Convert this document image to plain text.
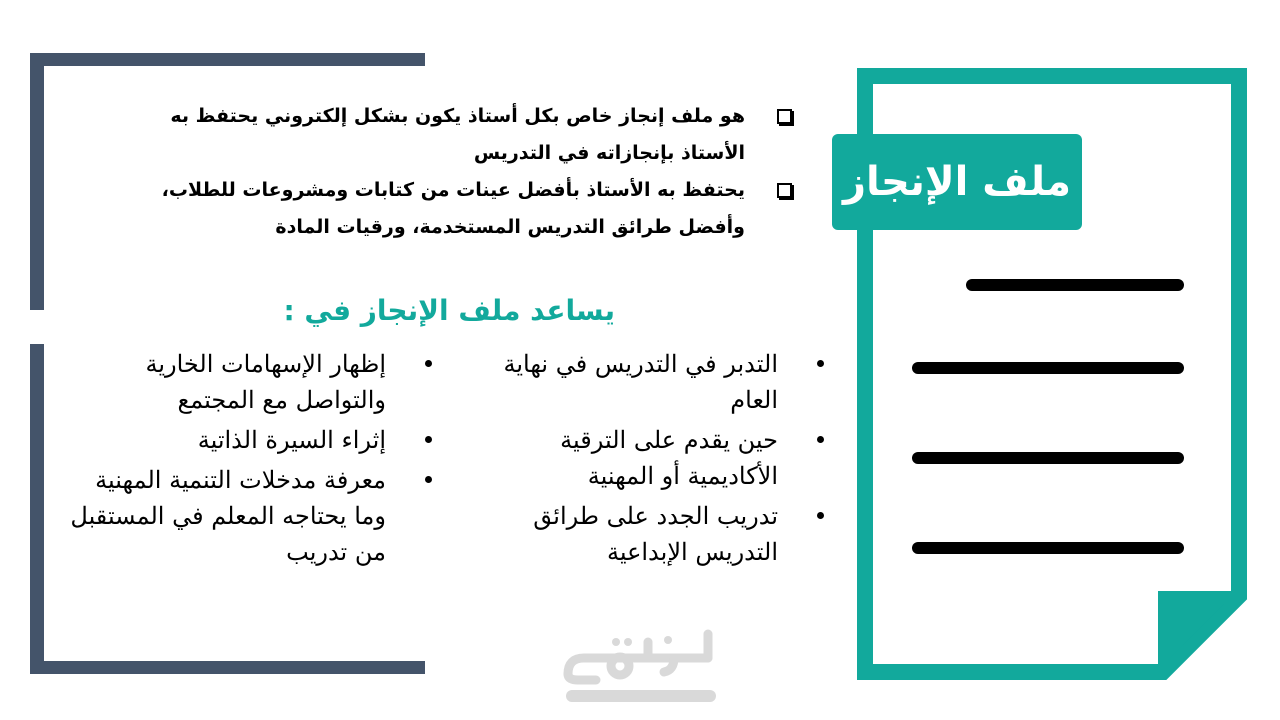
هو ملف إنجاز خاص بكل أستاذ يكون بشكل إلكتروني يحتفظ به الأستاذ بإنجازاته في التدريس
يحتفظ به الأستاذ بأفضل عينات من كتابات ومشروعات للطلاب، وأفضل طرائق التدريس المستخدمة، ورقيات المادة
يساعد ملف الإنجاز في :
التدبر في التدريس في نهاية العام
حين يقدم على الترقية الأكاديمية أو المهنية
تدريب الجدد على طرائق التدريس الإبداعية
إظهار الإسهامات الخارية والتواصل مع المجتمع
إثراء السيرة الذاتية
معرفة مدخلات التنمية المهنية وما يحتاجه المعلم في المستقبل من تدريب
ملف الإنجاز
